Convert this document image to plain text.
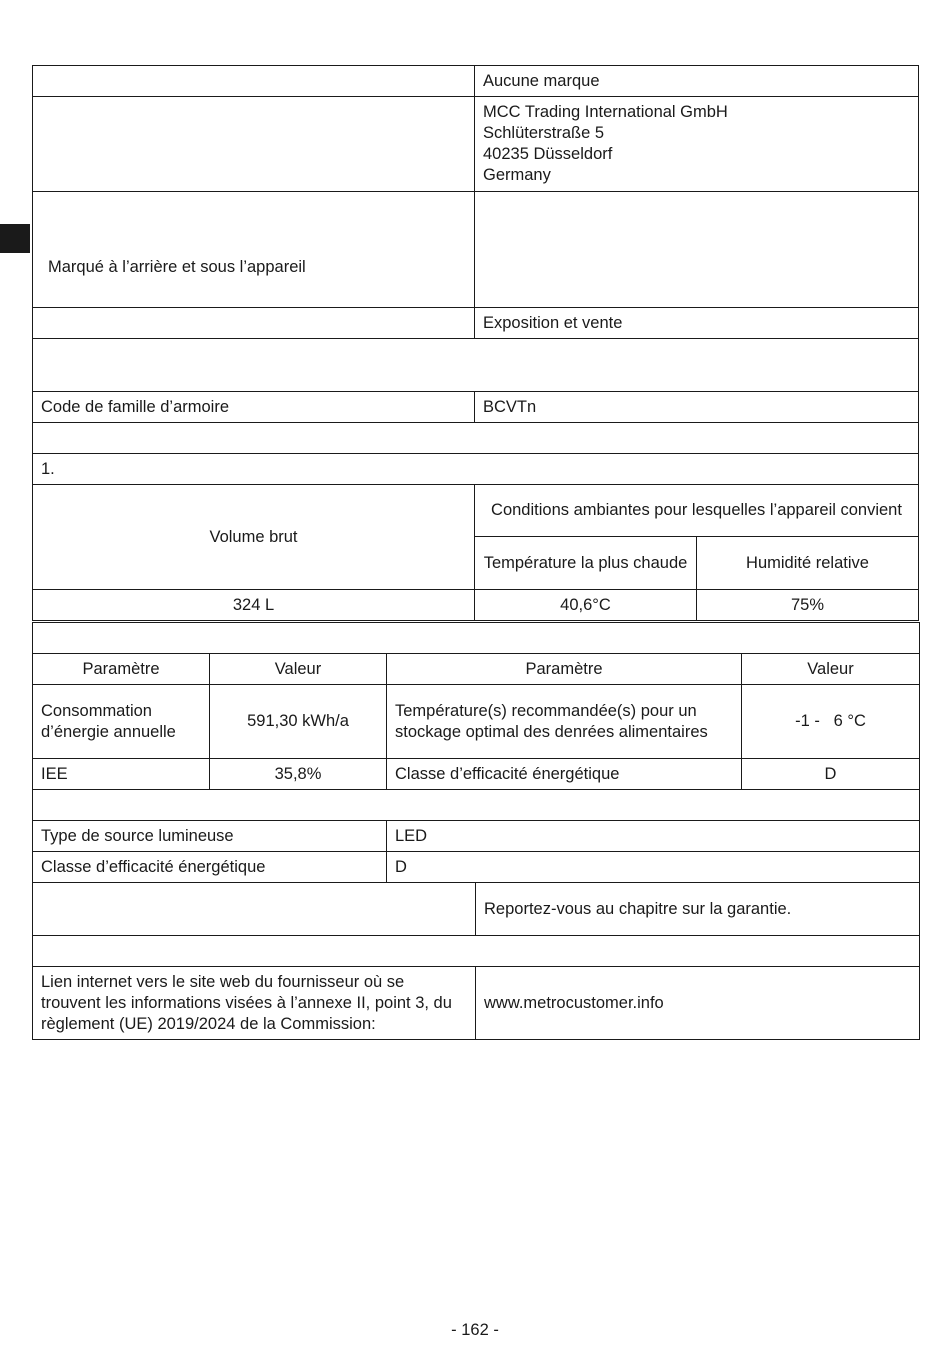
	Aucune marque	

	MCC Trading International GmbH
Schlüterstraße 5
40235 Düsseldorf
Germany	

Marqué à l’arrière et sous l’appareil		
	Exposition et vente	

Code de famille d’armoire	BCVTn	

1.		
Volume brut	Conditions ambiantes pour lesquelles l’appareil convient	
	Température la plus chaude	Humidité relative
324 L	40,6°C	75%

Paramètre	Valeur	Paramètre	Valeur
Consommation d’énergie annuelle	591,30 kWh/a	Température(s) recommandée(s) pour un stockage optimal des denrées alimentaires	-1 -   6 °C
IEE	35,8%	Classe d’efficacité énergétique	D

Type de source lumineuse	LED	
Classe d’efficacité énergétique	D	
		Reportez-vous au chapitre sur la garantie.

Lien internet vers le site web du fournisseur où se trouvent les informations visées à l’annexe II, point 3, du règlement (UE) 2019/2024 de la Commission:		www.metrocustomer.info
- 162 -
